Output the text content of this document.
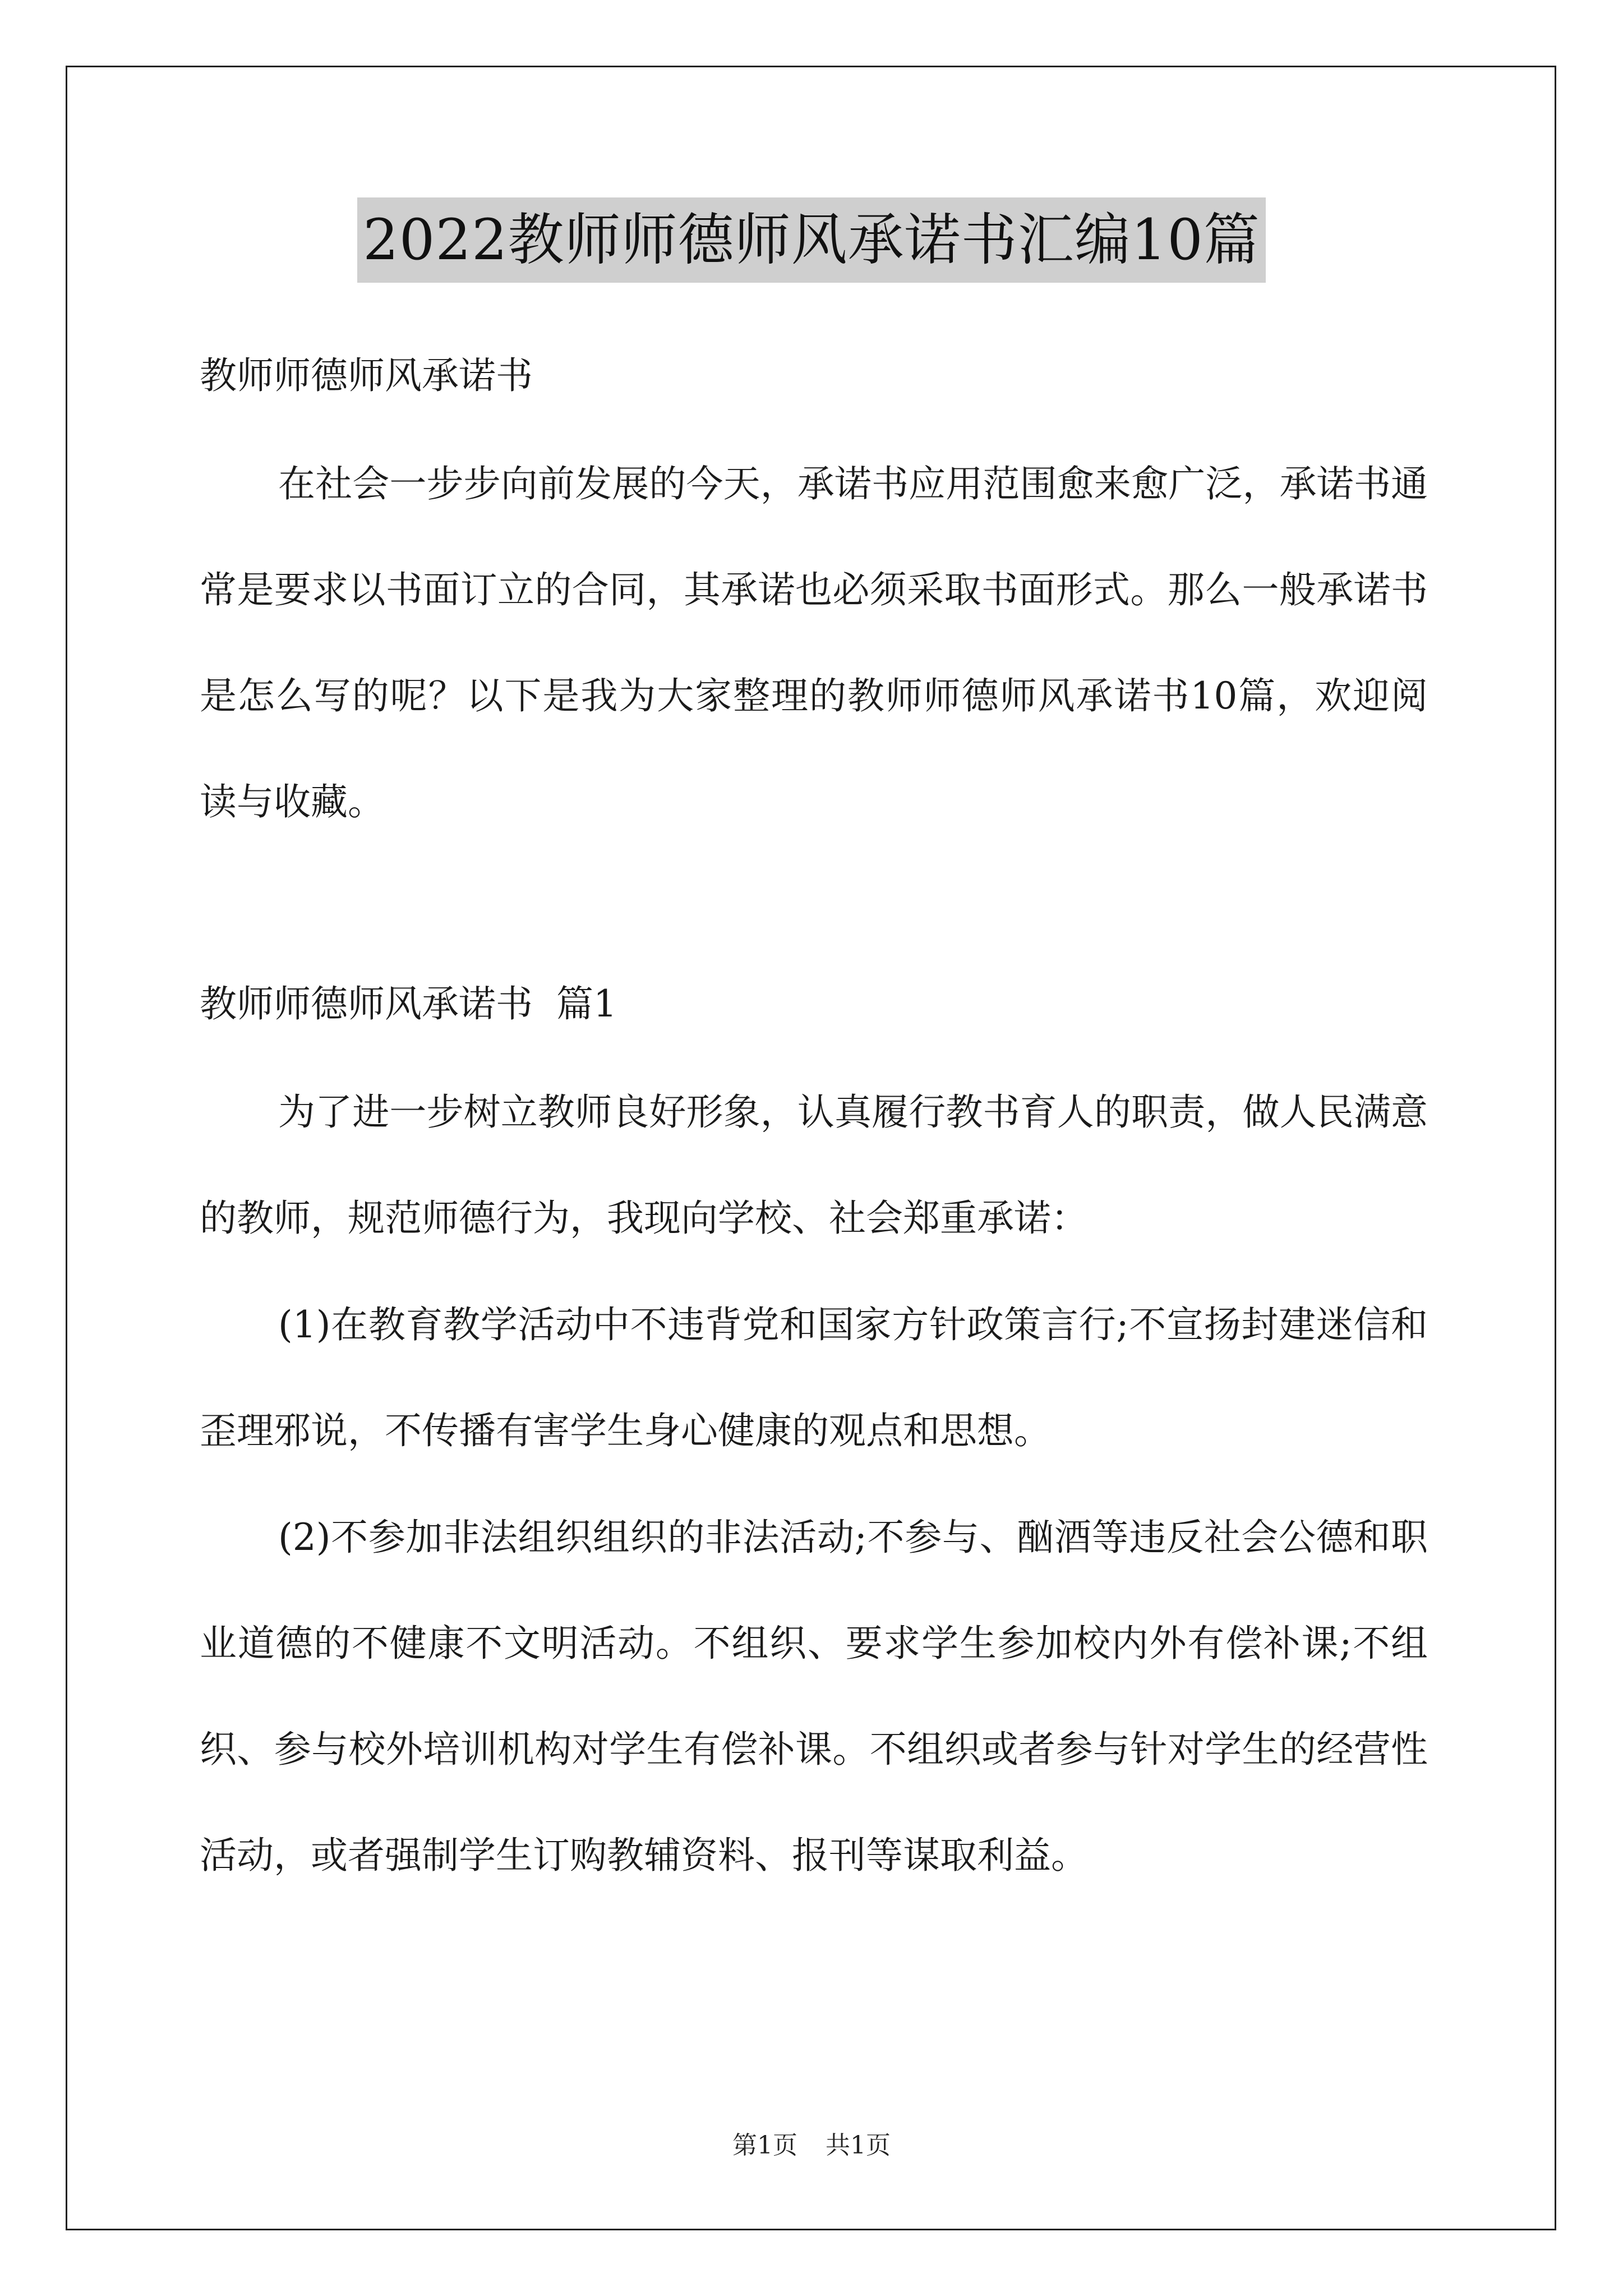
2022教师师德师风承诺书汇编10篇

教师师德师风承诺书

在社会一步步向前发展的今天，承诺书应用范围愈来愈广泛，承诺书通常是要求以书面订立的合同，其承诺也必须采取书面形式。那么一般承诺书是怎么写的呢？以下是我为大家整理的教师师德师风承诺书10篇，欢迎阅读与收藏。

教师师德师风承诺书  篇1

为了进一步树立教师良好形象，认真履行教书育人的职责，做人民满意的教师，规范师德行为，我现向学校、社会郑重承诺：

(1)在教育教学活动中不违背党和国家方针政策言行;不宣扬封建迷信和歪理邪说，不传播有害学生身心健康的观点和思想。

(2)不参加非法组织组织的非法活动;不参与、酗酒等违反社会公德和职业道德的不健康不文明活动。不组织、要求学生参加校内外有偿补课;不组织、参与校外培训机构对学生有偿补课。不组织或者参与针对学生的经营性活动，或者强制学生订购教辅资料、报刊等谋取利益。

第1页 共1页
